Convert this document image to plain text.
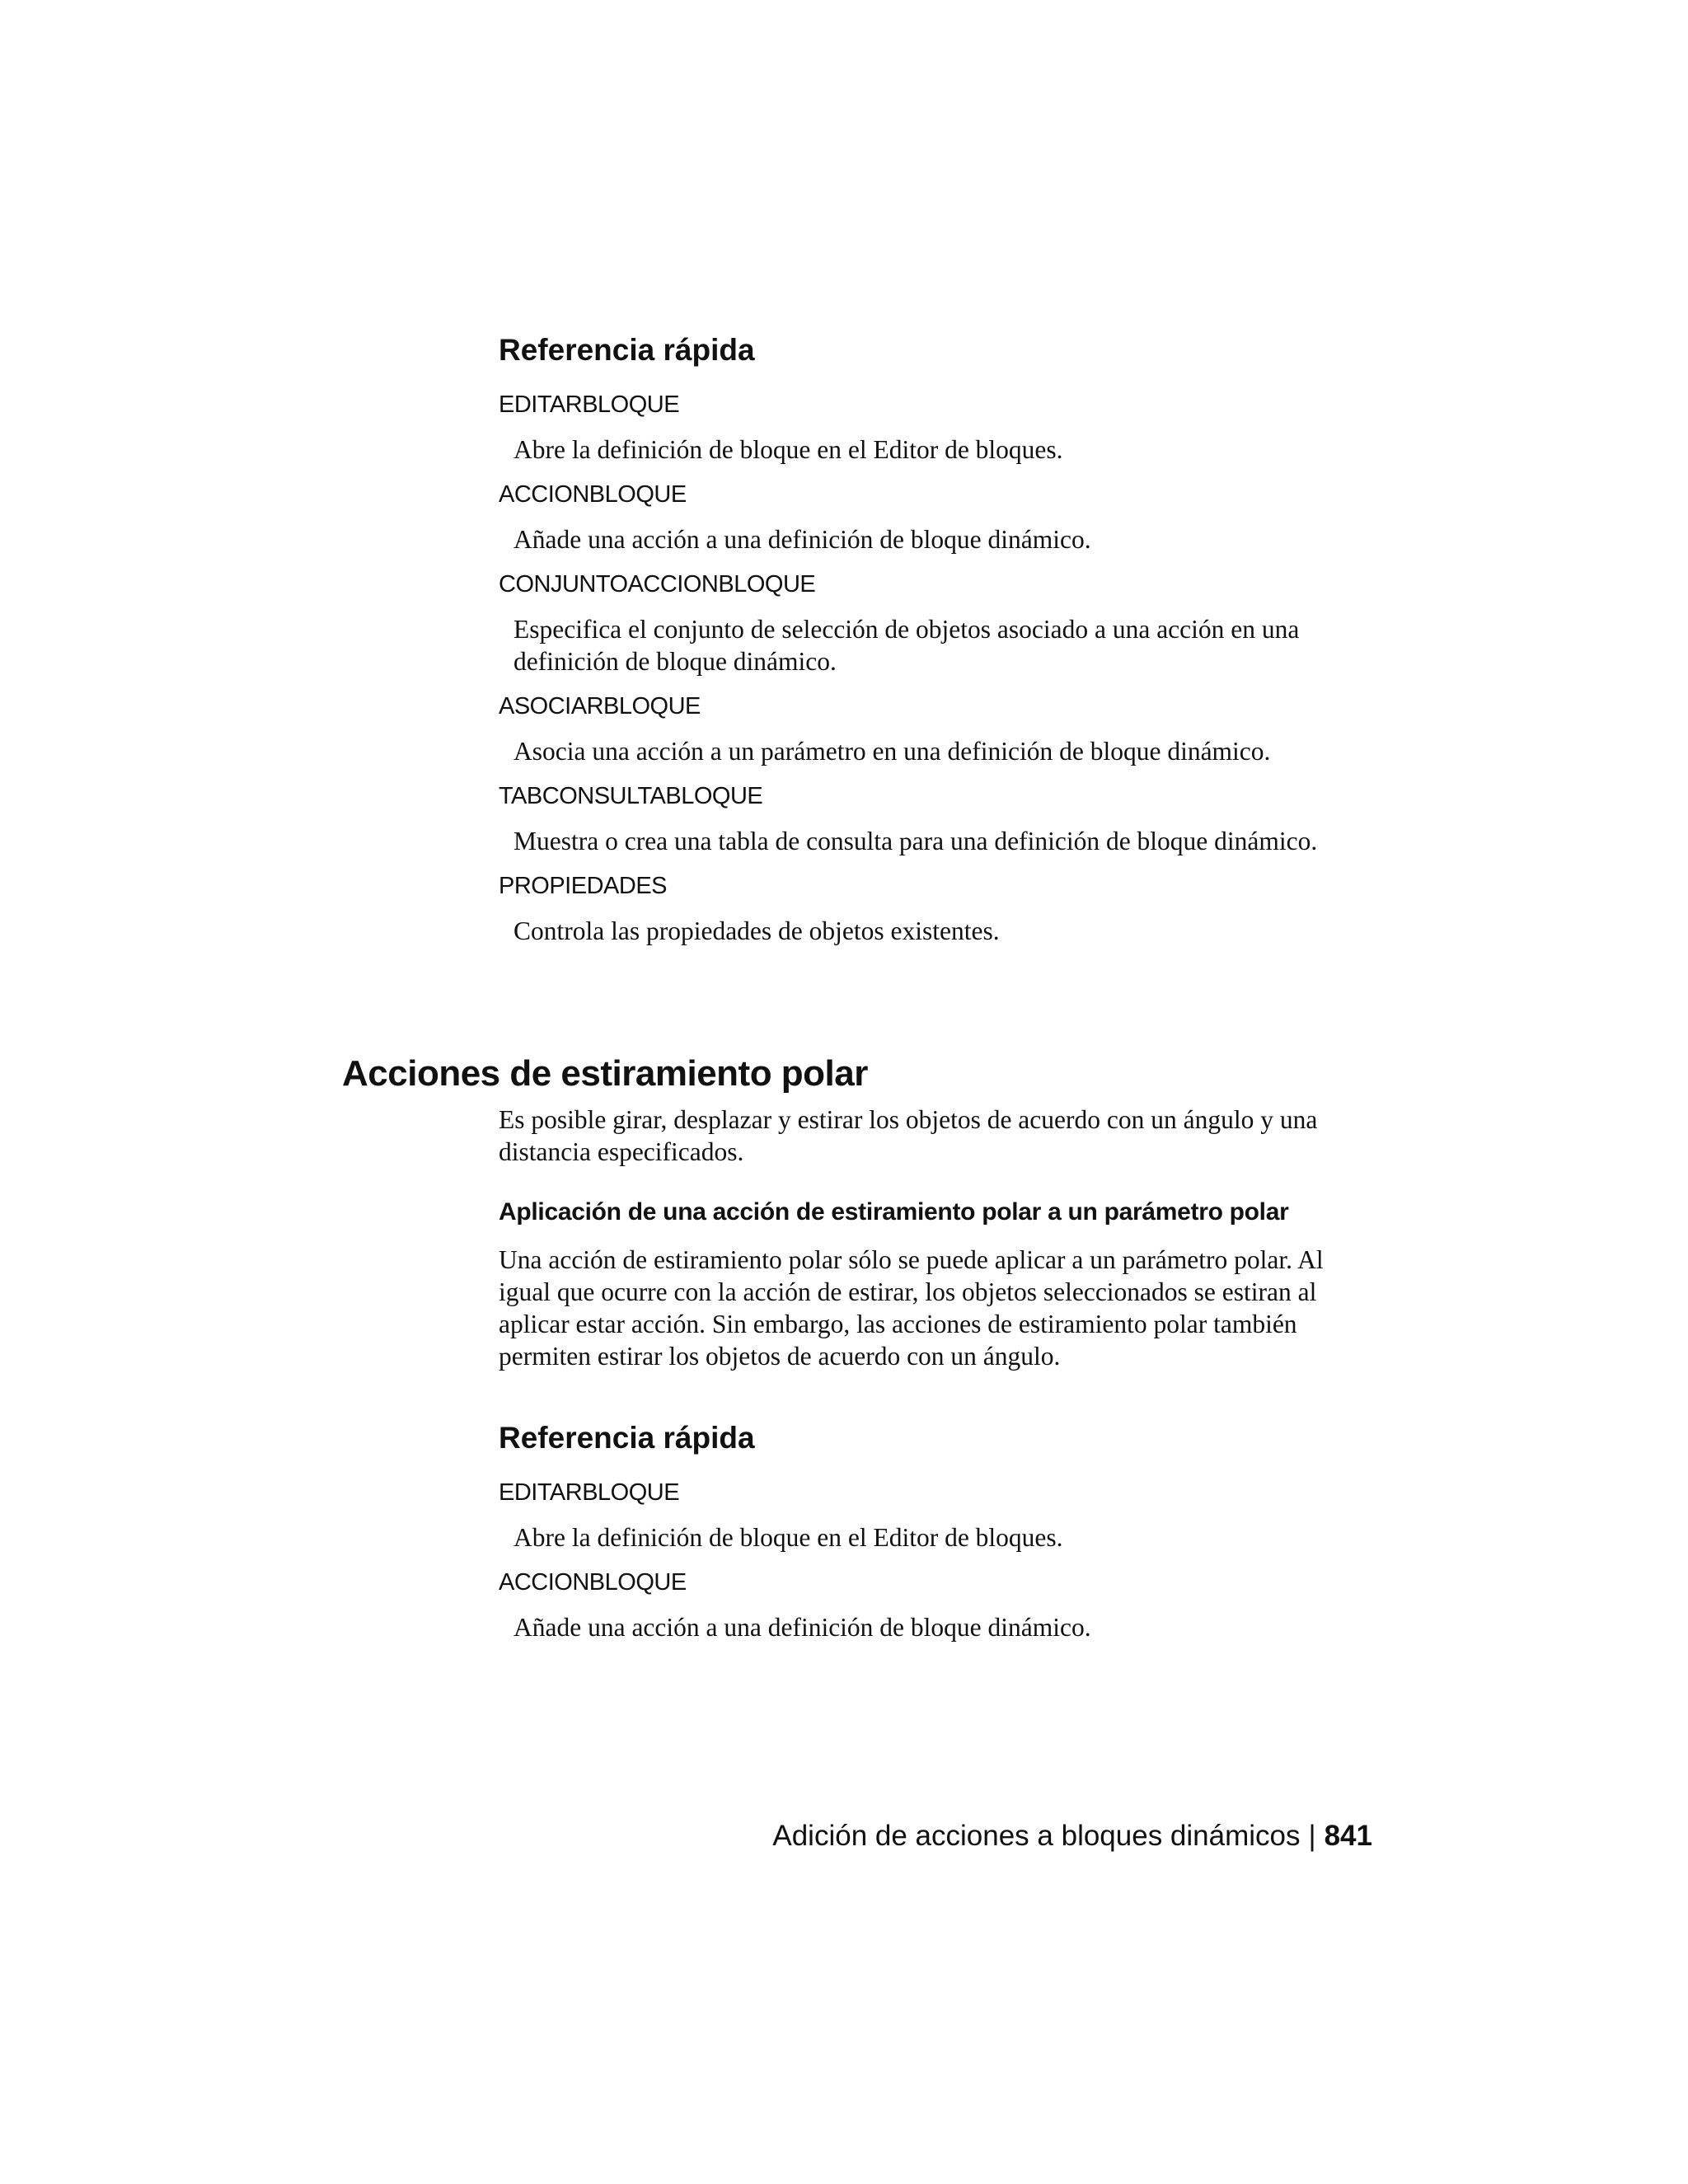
Referencia rápida
EDITARBLOQUE
Abre la definición de bloque en el Editor de bloques.
ACCIONBLOQUE
Añade una acción a una definición de bloque dinámico.
CONJUNTOACCIONBLOQUE
Especifica el conjunto de selección de objetos asociado a una acción en una definición de bloque dinámico.
ASOCIARBLOQUE
Asocia una acción a un parámetro en una definición de bloque dinámico.
TABCONSULTABLOQUE
Muestra o crea una tabla de consulta para una definición de bloque dinámico.
PROPIEDADES
Controla las propiedades de objetos existentes.
Acciones de estiramiento polar

Es posible girar, desplazar y estirar los objetos de acuerdo con un ángulo y una distancia especificados.

Aplicación de una acción de estiramiento polar a un parámetro polar

Una acción de estiramiento polar sólo se puede aplicar a un parámetro polar. Al igual que ocurre con la acción de estirar, los objetos seleccionados se estiran al aplicar estar acción. Sin embargo, las acciones de estiramiento polar también permiten estirar los objetos de acuerdo con un ángulo.

Referencia rápida
EDITARBLOQUE
Abre la definición de bloque en el Editor de bloques.
ACCIONBLOQUE
Añade una acción a una definición de bloque dinámico.
Adición de acciones a bloques dinámicos | 841
